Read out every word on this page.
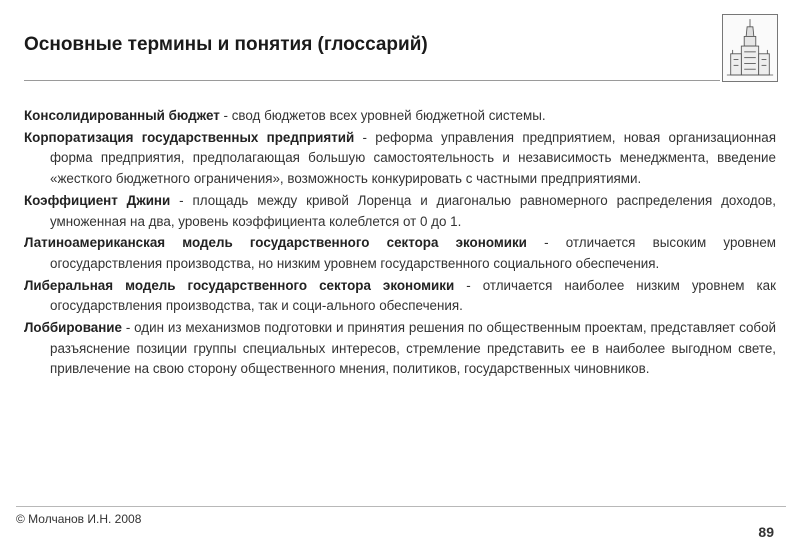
Основные термины и понятия (глоссарий)

Консолидированный бюджет - свод бюджетов всех уровней бюджетной системы.

Корпоратизация государственных предприятий - реформа управления предприятием, новая организационная форма предприятия, предполагающая большую самостоятельность и независимость менеджмента, введение «жесткого бюджетного ограничения», возможность конкурировать с частными предприятиями.

Коэффициент Джини - площадь между кривой Лоренца и диагональю равномерного распределения доходов, умноженная на два, уровень коэффициента колеблется от 0 до 1.

Латиноамериканская модель государственного сектора экономики - отличается высоким уровнем огосударствления производства, но низким уровнем государственного социального обеспечения.

Либеральная модель государственного сектора экономики - отличается наиболее низким уровнем как огосударствления производства, так и соци-ального обеспечения.

Лоббирование - один из механизмов подготовки и принятия решения по общественным проектам, представляет собой разъяснение позиции группы специальных интересов, стремление представить ее в наиболее выгодном свете, привлечение на свою сторону общественного мнения, политиков, государственных чиновников.

© Молчанов И.Н. 2008
89
